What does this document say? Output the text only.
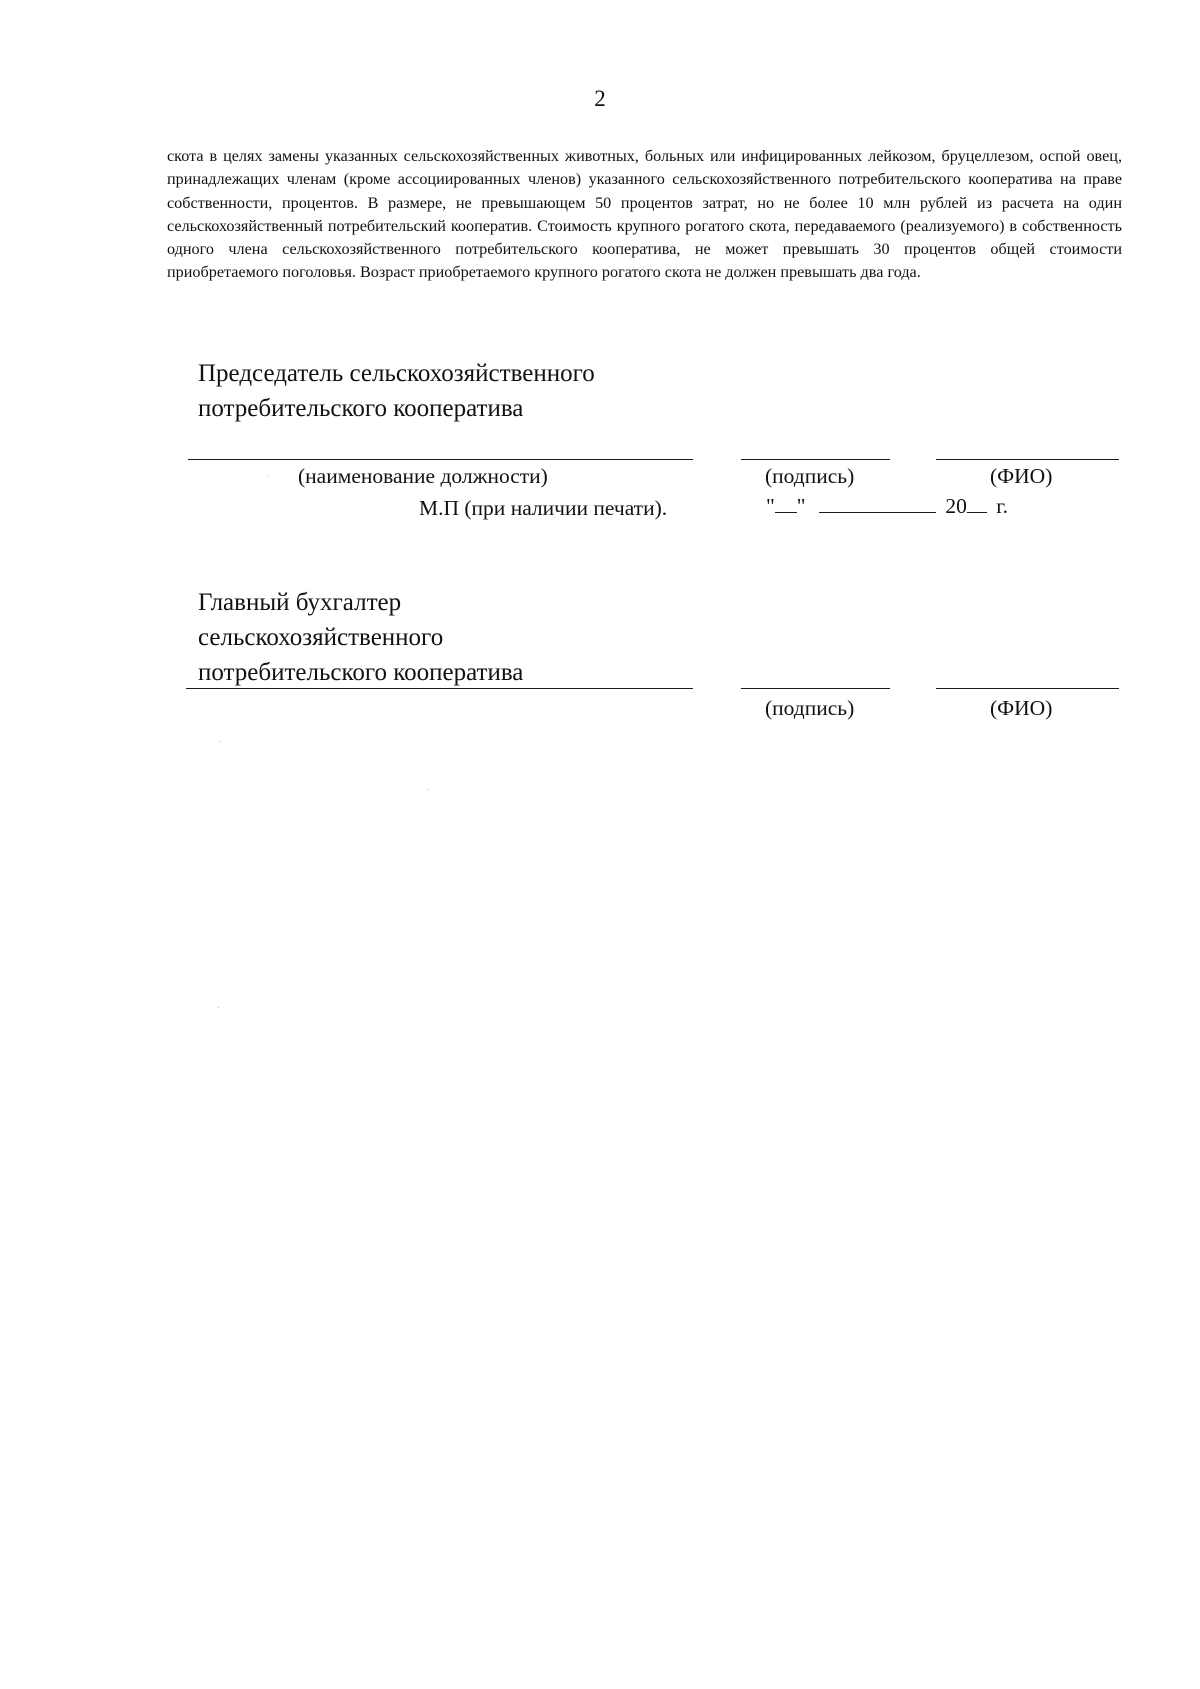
2

скота в целях замены указанных сельскохозяйственных животных, больных или инфицированных лейкозом, бруцеллезом, оспой овец, принадлежащих членам (кроме ассоциированных членов) указанного сельскохозяйственного потребительского кооператива на праве собственности, процентов. В размере, не превышающем 50 процентов затрат, но не более 10 млн рублей из расчета на один сельскохозяйственный потребительский кооператив. Стоимость крупного рогатого скота, передаваемого (реализуемого) в собственность одного члена сельскохозяйственного потребительского кооператива, не может превышать 30 процентов общей стоимости приобретаемого поголовья. Возраст приобретаемого крупного рогатого скота не должен превышать два года.

Председатель сельскохозяйственного
потребительского кооператива
(наименование должности)	(подпись)	(ФИО)
М.П (при наличии печати).	" "	20 г.
Главный бухгалтер
сельскохозяйственного
потребительского кооператива
(подпись)	(ФИО)
